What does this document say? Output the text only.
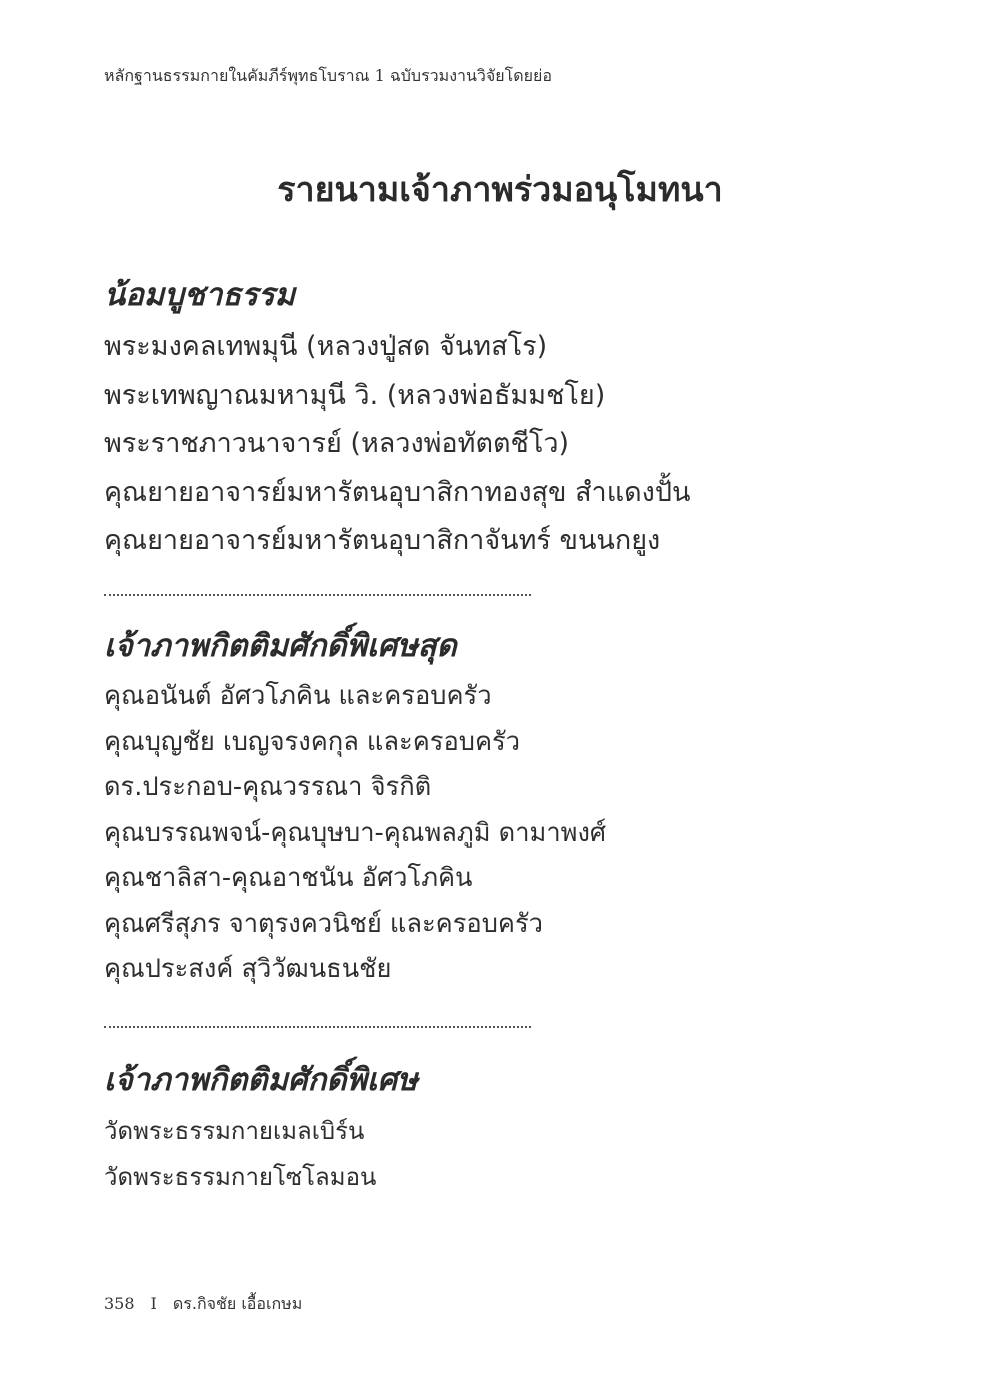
หลักฐานธรรมกายในคัมภีร์พุทธโบราณ 1 ฉบับรวมงานวิจัยโดยย่อ
รายนามเจ้าภาพร่วมอนุโมทนา
น้อมบูชาธรรม
พระมงคลเทพมุนี (หลวงปู่สด จันทสโร)
พระเทพญาณมหามุนี วิ. (หลวงพ่อธัมมชโย)
พระราชภาวนาจารย์ (หลวงพ่อทัตตชีโว)
คุณยายอาจารย์มหารัตนอุบาสิกาทองสุข สำแดงปั้น
คุณยายอาจารย์มหารัตนอุบาสิกาจันทร์ ขนนกยูง
เจ้าภาพกิตติมศักดิ์พิเศษสุด
คุณอนันต์ อัศวโภคิน และครอบครัว
คุณบุญชัย เบญจรงคกุล และครอบครัว
ดร.ประกอบ-คุณวรรณา จิรกิติ
คุณบรรณพจน์-คุณบุษบา-คุณพลภูมิ ดามาพงศ์
คุณชาลิสา-คุณอาชนัน อัศวโภคิน
คุณศรีสุภร จาตุรงควนิชย์ และครอบครัว
คุณประสงค์ สุวิวัฒนธนชัย
เจ้าภาพกิตติมศักดิ์พิเศษ
วัดพระธรรมกายเมลเบิร์น
วัดพระธรรมกายโซโลมอน
358 I ดร.กิจชัย เอื้อเกษม
